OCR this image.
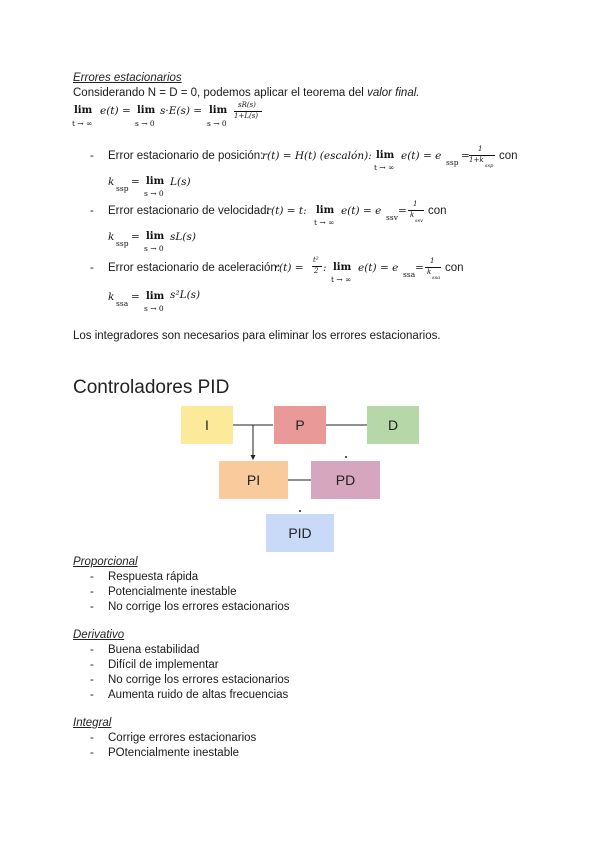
Errores estacionarios
Considerando N = D = 0, podemos aplicar el teorema del valor final.
lim
t → ∞
e(t) = lim
s → 0
s·E(s) = lim
s → 0
sR(s)
1+L(s)
- Error estacionario de posición:
r(t) = H(t) (escalón): lim
t → ∞
e(t) = e
ssp
=
1
1+k
ssp
con
k
ssp
= lim
s → 0
L(s)
- Error estacionario de velocidad:
r(t) = t: lim
t → ∞
e(t) = e
ssv
=
1
k
ssv
con
k
ssp
= lim
s → 0
sL(s)
- Error estacionario de aceleración:
r(t) =
t²
2 : lim
t → ∞
e(t) = e
ssa
=
1
k
ssa
con
k
ssa
= lim
s → 0
s²L(s)
Los integradores son necesarios para eliminar los errores estacionarios.
Controladores PID
I	P	D
PI	PD
PID
Proporcional
- Respuesta rápida
- Potencialmente inestable
- No corrige los errores estacionarios
Derivativo
- Buena estabilidad
- Difícil de implementar
- No corrige los errores estacionarios
- Aumenta ruido de altas frecuencias
Integral
- Corrige errores estacionarios
- POtencialmente inestable
